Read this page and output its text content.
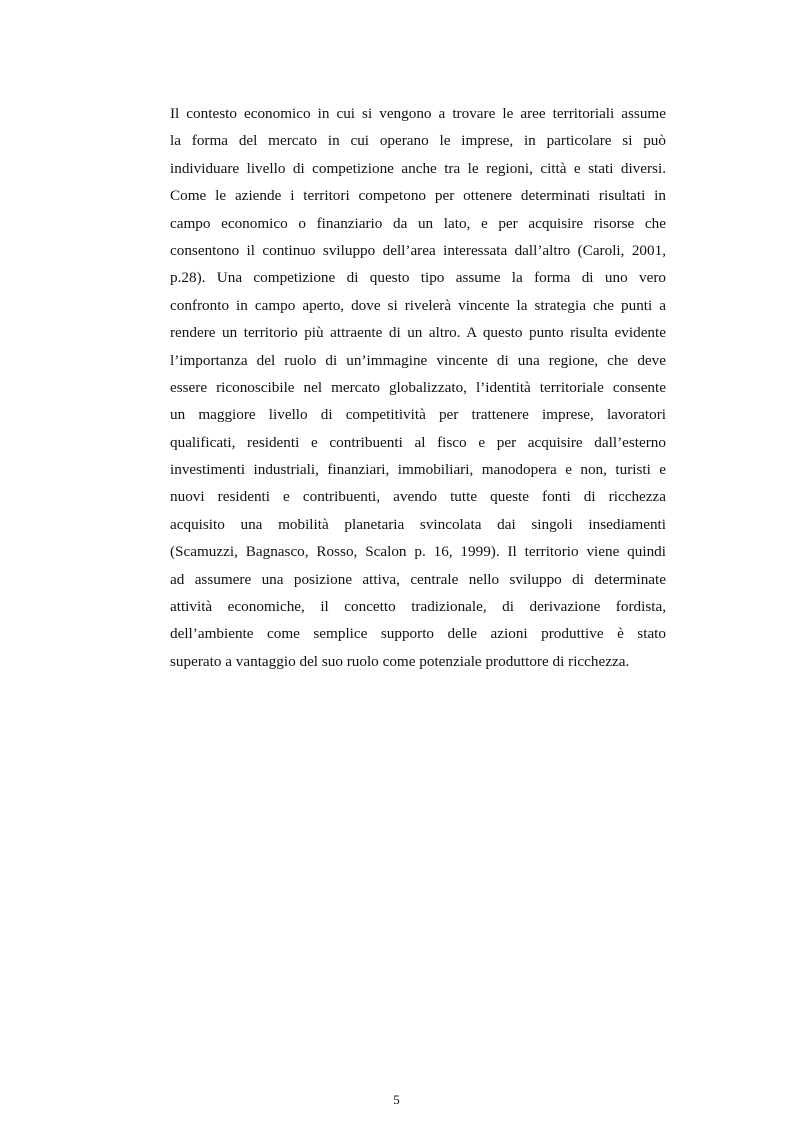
Il contesto economico in cui si vengono a trovare le aree territoriali assume
la forma del mercato in cui operano le imprese, in particolare si può
individuare livello di competizione anche tra le regioni, città e stati diversi.
Come le aziende i territori competono per ottenere determinati risultati in
campo economico o finanziario da un lato, e per acquisire risorse che
consentono il continuo sviluppo dell’area interessata dall’altro (Caroli, 2001,
p.28). Una competizione di questo tipo assume la forma di uno vero
confronto in campo aperto, dove si rivelerà vincente la strategia che punti a
rendere un territorio più attraente di un altro. A questo punto risulta evidente
l’importanza del ruolo di un’immagine vincente di una regione, che deve
essere riconoscibile nel mercato globalizzato, l’identità territoriale consente
un maggiore livello di competitività per trattenere imprese, lavoratori
qualificati, residenti e contribuenti al fisco e per acquisire dall’esterno
investimenti industriali, finanziari, immobiliari, manodopera e non, turisti e
nuovi residenti e contribuenti, avendo tutte queste fonti di ricchezza
acquisito una mobilità planetaria svincolata dai singoli insediamenti
(Scamuzzi, Bagnasco, Rosso, Scalon p. 16, 1999). Il territorio viene quindi
ad assumere una posizione attiva, centrale nello sviluppo di determinate
attività economiche, il concetto tradizionale, di derivazione fordista,
dell’ambiente come semplice supporto delle azioni produttive è stato
superato a vantaggio del suo ruolo come potenziale produttore di ricchezza.
5
